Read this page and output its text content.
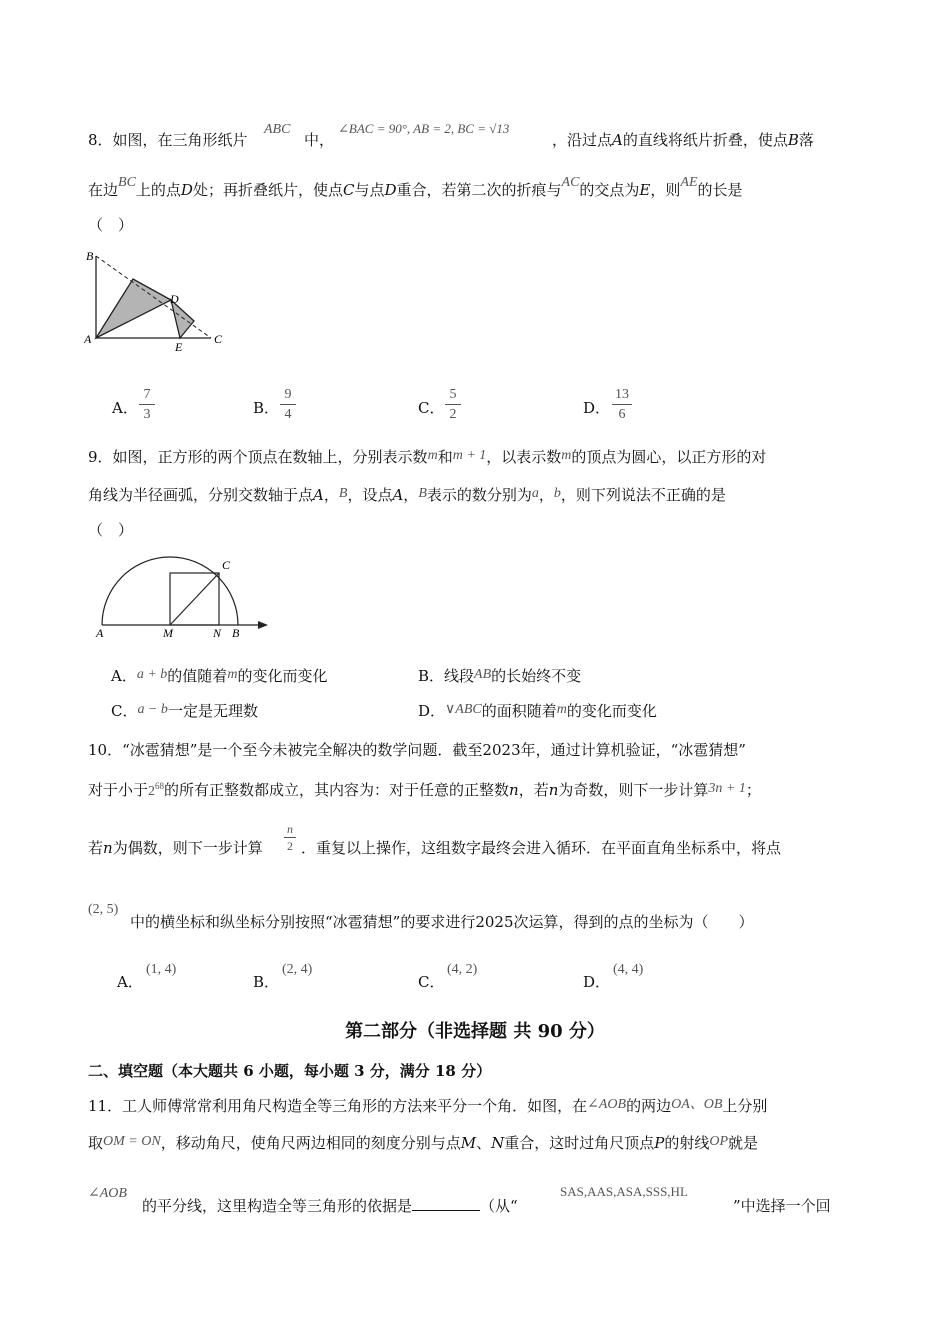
8．如图，在三角形纸片
ABC
中，
∠BAC = 90°, AB = 2, BC = √13
，沿过点A的直线将纸片折叠，使点B落
在边BC上的点D处；再折叠纸片，使点C与点D重合，若第二次的折痕与AC的交点为E，则AE的长是
（　）
B
D
A
E
C
A．
7
3	B．
9
4	C．
5
2	D．
13
6
9．如图，正方形的两个顶点在数轴上，分别表示数m和m + 1，以表示数m的顶点为圆心，以正方形的对
角线为半径画弧，分别交数轴于点A，B，设点A，B表示的数分别为a，b，则下列说法不正确的是
（　）
A	M	N B
C
A．a + b的值随着m的变化而变化	B．线段AB的长始终不变
C．a − b一定是无理数	D．∨ABC的面积随着m的变化而变化
10．“冰雹猜想”是一个至今未被完全解决的数学问题．截至2023年，通过计算机验证，“冰雹猜想”
对于小于$2^{68}$的所有正整数都成立，其内容为：对于任意的正整数n，若n为奇数，则下一步计算3n + 1；
若n为偶数，则下一步计算
n
2 ．重复以上操作，这组数字最终会进入循环．在平面直角坐标系中，将点
(2, 5)
中的横坐标和纵坐标分别按照“冰雹猜想”的要求进行2025次运算，得到的点的坐标为（　　）
A．
(1, 4)
B．
(2, 4)
C．
(4, 2)
D．
(4, 4)
第二部分（非选择题 共 90 分）
二、填空题（本大题共 6 小题，每小题 3 分，满分 18 分）
11．工人师傅常常利用角尺构造全等三角形的方法来平分一个角．如图，在∠AOB的两边OA、OB上分别
取OM = ON，移动角尺，使角尺两边相同的刻度分别与点M、N重合，这时过角尺顶点P的射线OP就是
∠AOB
的平分线，这里构造全等三角形的依据是	（从“
SAS,AAS,ASA,SSS,HL
”中选择一个回
